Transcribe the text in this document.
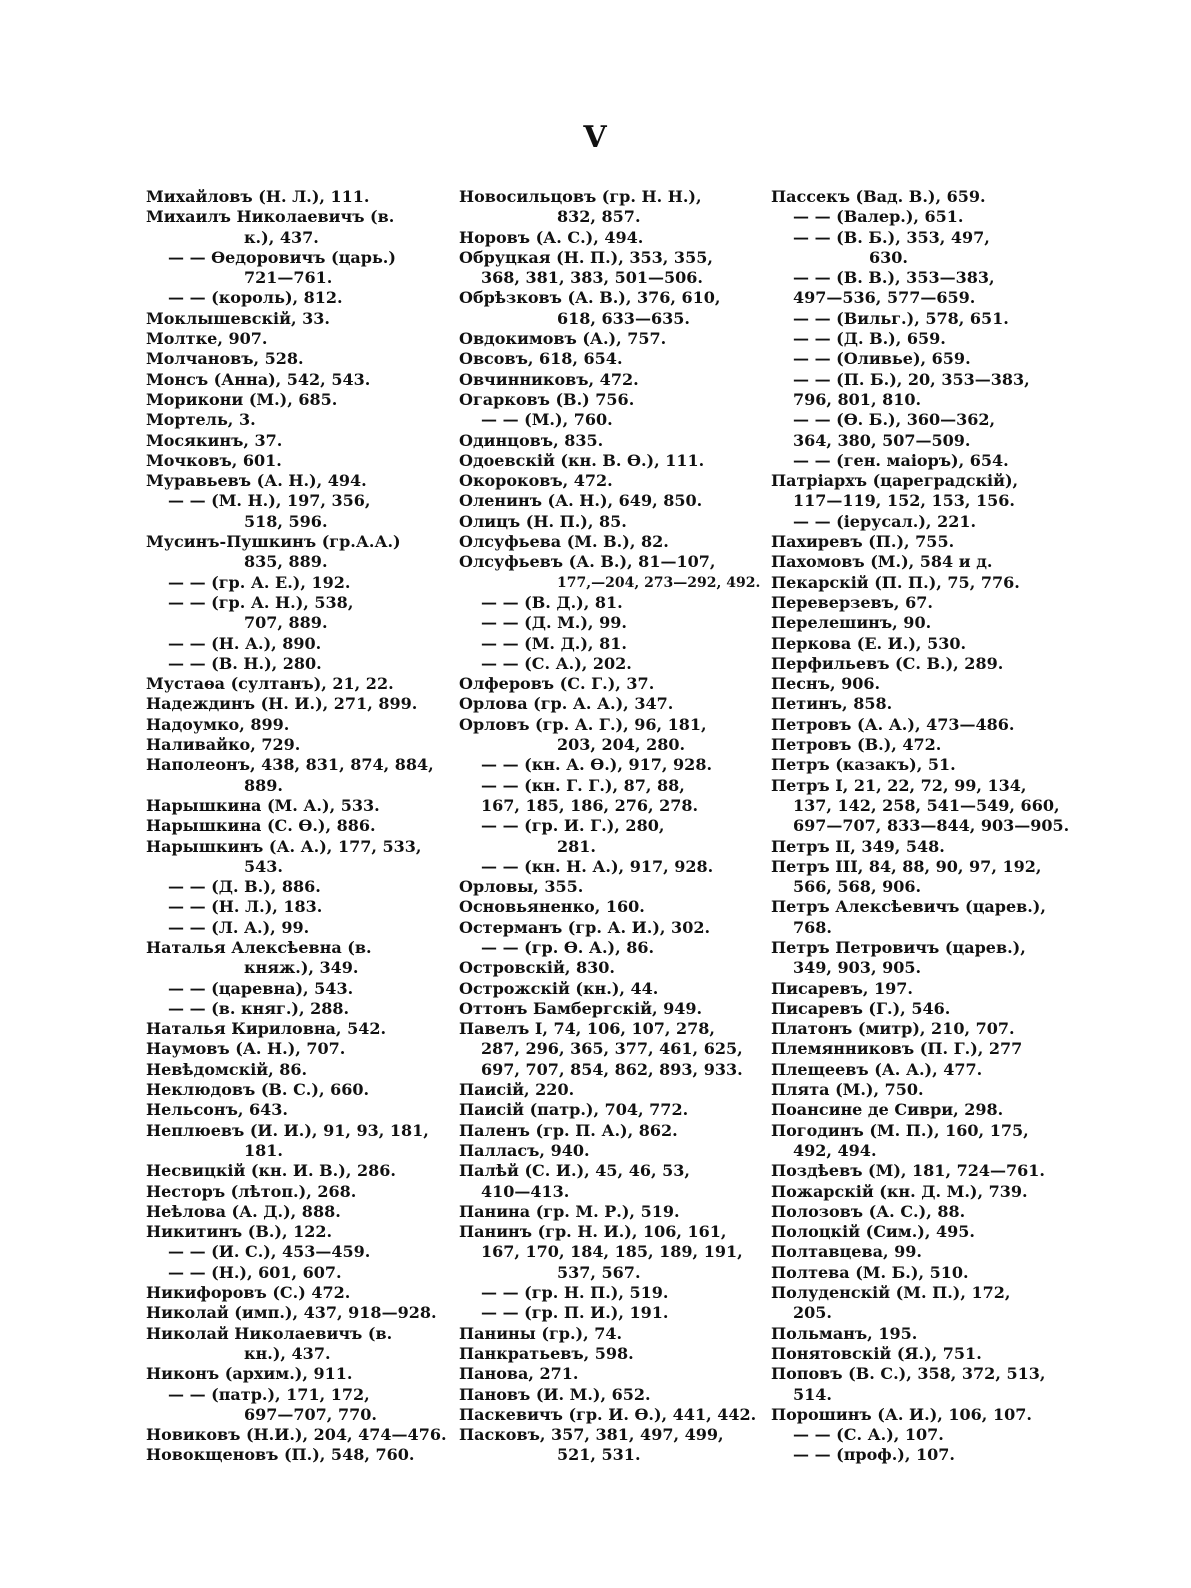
V
Михайловъ (Н. Л.), 111.
Михаилъ Николаевичъ (в.
к.), 437.
— — Өедоровичъ (царь.)
721—761.
— — (король), 812.
Моклышевскій, 33.
Молтке, 907.
Молчановъ, 528.
Монсъ (Анна), 542, 543.
Морикони (М.), 685.
Мортель, 3.
Мосякинъ, 37.
Мочковъ, 601.
Муравьевъ (А. Н.), 494.
— — (М. Н.), 197, 356,
518, 596.
Мусинъ-Пушкинъ (гр.А.А.)
835, 889.
— — (гр. А. Е.), 192.
— — (гр. А. Н.), 538,
707, 889.
— — (Н. А.), 890.
— — (В. Н.), 280.
Мустаөа (султанъ), 21, 22.
Надеждинъ (Н. И.), 271, 899.
Надоумко, 899.
Наливайко, 729.
Наполеонъ, 438, 831, 874, 884,
889.
Нарышкина (М. А.), 533.
Нарышкина (С. Ө.), 886.
Нарышкинъ (А. А.), 177, 533,
543.
— — (Д. В.), 886.
— — (Н. Л.), 183.
— — (Л. А.), 99.
Наталья Алексѣевна (в.
княж.), 349.
— — (царевна), 543.
— — (в. княг.), 288.
Наталья Кириловна, 542.
Наумовъ (А. Н.), 707.
Невѣдомскій, 86.
Неклюдовъ (В. С.), 660.
Нельсонъ, 643.
Неплюевъ (И. И.), 91, 93, 181,
181.
Несвицкій (кн. И. В.), 286.
Несторъ (лѣтоп.), 268.
Неѣлова (А. Д.), 888.
Никитинъ (В.), 122.
— — (И. С.), 453—459.
— — (Н.), 601, 607.
Никифоровъ (С.) 472.
Николай (имп.), 437, 918—928.
Николай Николаевичъ (в.
кн.), 437.
Никонъ (архим.), 911.
— — (патр.), 171, 172,
697—707, 770.
Новиковъ (Н.И.), 204, 474—476.
Новокщеновъ (П.), 548, 760.
Новосильцовъ (гр. Н. Н.),
832, 857.
Норовъ (А. С.), 494.
Обруцкая (Н. П.), 353, 355,
368, 381, 383, 501—506.
Обрѣзковъ (А. В.), 376, 610,
618, 633—635.
Овдокимовъ (А.), 757.
Овсовъ, 618, 654.
Овчинниковъ, 472.
Огарковъ (В.) 756.
— — (М.), 760.
Одинцовъ, 835.
Одоевскій (кн. В. Ө.), 111.
Окороковъ, 472.
Оленинъ (А. Н.), 649, 850.
Олицъ (Н. П.), 85.
Олсуфьева (М. В.), 82.
Олсуфьевъ (А. В.), 81—107,
177,—204, 273—292, 492.
— — (В. Д.), 81.
— — (Д. М.), 99.
— — (М. Д.), 81.
— — (С. А.), 202.
Олферовъ (С. Г.), 37.
Орлова (гр. А. А.), 347.
Орловъ (гр. А. Г.), 96, 181,
203, 204, 280.
— — (кн. А. Ө.), 917, 928.
— — (кн. Г. Г.), 87, 88,
167, 185, 186, 276, 278.
— — (гр. И. Г.), 280,
281.
— — (кн. Н. А.), 917, 928.
Орловы, 355.
Основьяненко, 160.
Остерманъ (гр. А. И.), 302.
— — (гр. Ө. А.), 86.
Островскій, 830.
Острожскій (кн.), 44.
Оттонъ Бамбергскій, 949.
Павелъ I, 74, 106, 107, 278,
287, 296, 365, 377, 461, 625,
697, 707, 854, 862, 893, 933.
Паисій, 220.
Паисій (патр.), 704, 772.
Паленъ (гр. П. А.), 862.
Палласъ, 940.
Палѣй (С. И.), 45, 46, 53,
410—413.
Панина (гр. М. Р.), 519.
Панинъ (гр. Н. И.), 106, 161,
167, 170, 184, 185, 189, 191,
537, 567.
— — (гр. Н. П.), 519.
— — (гр. П. И.), 191.
Панины (гр.), 74.
Панкратьевъ, 598.
Панова, 271.
Пановъ (И. М.), 652.
Паскевичъ (гр. И. Ө.), 441, 442.
Пасковъ, 357, 381, 497, 499,
521, 531.
Пассекъ (Вад. В.), 659.
— — (Валер.), 651.
— — (В. Б.), 353, 497,
630.
— — (В. В.), 353—383,
497—536, 577—659.
— — (Вильг.), 578, 651.
— — (Д. В.), 659.
— — (Оливье), 659.
— — (П. Б.), 20, 353—383,
796, 801, 810.
— — (Ө. Б.), 360—362,
364, 380, 507—509.
— — (ген. маіоръ), 654.
Патріархъ (цареградскій),
117—119, 152, 153, 156.
— — (іерусал.), 221.
Пахиревъ (П.), 755.
Пахомовъ (М.), 584 и д.
Пекарскій (П. П.), 75, 776.
Переверзевъ, 67.
Перелешинъ, 90.
Перкова (Е. И.), 530.
Перфильевъ (С. В.), 289.
Песнъ, 906.
Петинъ, 858.
Петровъ (А. А.), 473—486.
Петровъ (В.), 472.
Петръ (казакъ), 51.
Петръ I, 21, 22, 72, 99, 134,
137, 142, 258, 541—549, 660,
697—707, 833—844, 903—905.
Петръ II, 349, 548.
Петръ III, 84, 88, 90, 97, 192,
566, 568, 906.
Петръ Алексѣевичъ (царев.),
768.
Петръ Петровичъ (царев.),
349, 903, 905.
Писаревъ, 197.
Писаревъ (Г.), 546.
Платонъ (митр), 210, 707.
Племянниковъ (П. Г.), 277
Плещеевъ (А. А.), 477.
Плята (М.), 750.
Поансине де Сиври, 298.
Погодинъ (М. П.), 160, 175,
492, 494.
Поздѣевъ (М), 181, 724—761.
Пожарскій (кн. Д. М.), 739.
Полозовъ (А. С.), 88.
Полоцкій (Сим.), 495.
Полтавцева, 99.
Полтева (М. Б.), 510.
Полуденскій (М. П.), 172,
205.
Польманъ, 195.
Понятовскій (Я.), 751.
Поповъ (В. С.), 358, 372, 513,
514.
Порошинъ (А. И.), 106, 107.
— — (С. А.), 107.
— — (проф.), 107.
